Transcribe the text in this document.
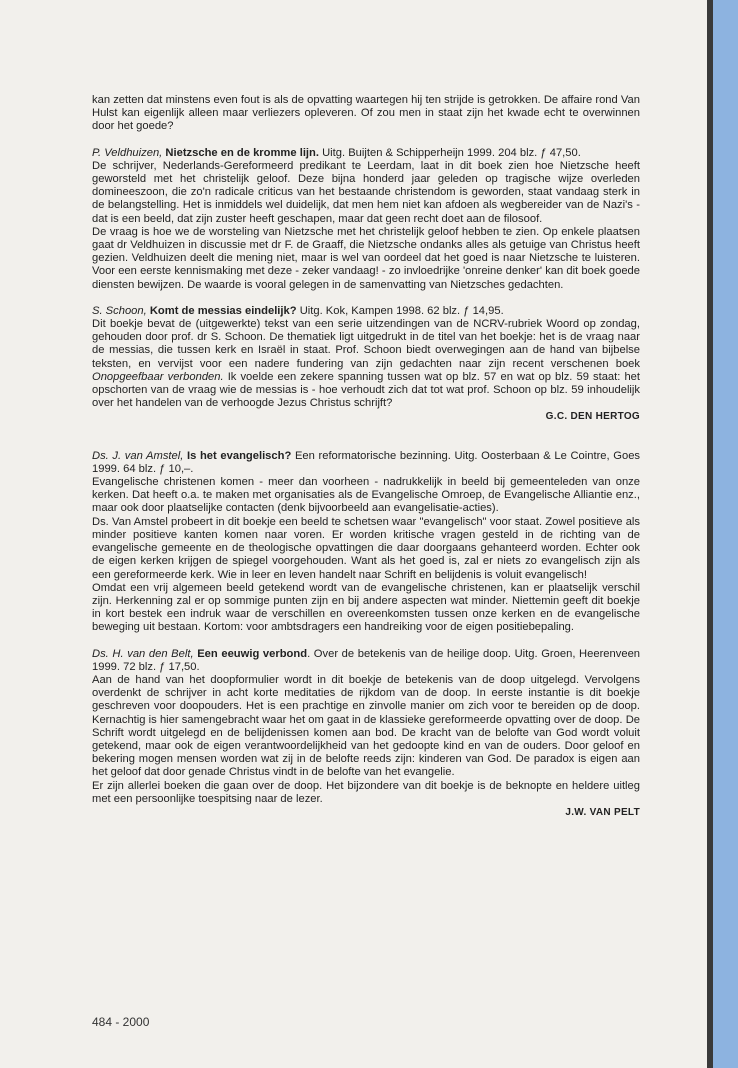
kan zetten dat minstens even fout is als de opvatting waartegen hij ten strijde is getrokken. De affaire rond Van Hulst kan eigenlijk alleen maar verliezers opleveren. Of zou men in staat zijn het kwade echt te overwinnen door het goede?

P. Veldhuizen, Nietzsche en de kromme lijn. Uitg. Buijten & Schipperheijn 1999. 204 blz. ƒ 47,50.

De schrijver, Nederlands-Gereformeerd predikant te Leerdam, laat in dit boek zien hoe Nietzsche heeft geworsteld met het christelijk geloof. Deze bijna honderd jaar geleden op tragische wijze overleden domineeszoon, die zo'n radicale criticus van het bestaande christendom is geworden, staat vandaag sterk in de belangstelling. Het is inmiddels wel duidelijk, dat men hem niet kan afdoen als wegbereider van de Nazi's - dat is een beeld, dat zijn zuster heeft geschapen, maar dat geen recht doet aan de filosoof.

De vraag is hoe we de worsteling van Nietzsche met het christelijk geloof hebben te zien. Op enkele plaatsen gaat dr Veldhuizen in discussie met dr F. de Graaff, die Nietzsche ondanks alles als getuige van Christus heeft gezien. Veldhuizen deelt die mening niet, maar is wel van oordeel dat het goed is naar Nietzsche te luisteren. Voor een eerste kennismaking met deze - zeker vandaag! - zo invloedrijke 'onreine denker' kan dit boek goede diensten bewijzen. De waarde is vooral gelegen in de samenvatting van Nietzsches gedachten.

S. Schoon, Komt de messias eindelijk? Uitg. Kok, Kampen 1998. 62 blz. ƒ 14,95.

Dit boekje bevat de (uitgewerkte) tekst van een serie uitzendingen van de NCRV-rubriek Woord op zondag, gehouden door prof. dr S. Schoon. De thematiek ligt uitgedrukt in de titel van het boekje: het is de vraag naar de messias, die tussen kerk en Israël in staat. Prof. Schoon biedt overwegingen aan de hand van bijbelse teksten, en vervijst voor een nadere fundering van zijn gedachten naar zijn recent verschenen boek Onopgeefbaar verbonden. Ik voelde een zekere spanning tussen wat op blz. 57 en wat op blz. 59 staat: het opschorten van de vraag wie de messias is - hoe verhoudt zich dat tot wat prof. Schoon op blz. 59 inhoudelijk over het handelen van de verhoogde Jezus Christus schrijft?

G.C. DEN HERTOG

Ds. J. van Amstel, Is het evangelisch? Een reformatorische bezinning. Uitg. Oosterbaan & Le Cointre, Goes 1999. 64 blz. ƒ 10,–.

Evangelische christenen komen - meer dan voorheen - nadrukkelijk in beeld bij gemeenteleden van onze kerken. Dat heeft o.a. te maken met organisaties als de Evangelische Omroep, de Evangelische Alliantie enz., maar ook door plaatselijke contacten (denk bijvoorbeeld aan evangelisatie-acties).

Ds. Van Amstel probeert in dit boekje een beeld te schetsen waar "evangelisch" voor staat. Zowel positieve als minder positieve kanten komen naar voren. Er worden kritische vragen gesteld in de richting van de evangelische gemeente en de theologische opvattingen die daar doorgaans gehanteerd worden. Echter ook de eigen kerken krijgen de spiegel voorgehouden. Want als het goed is, zal er niets zo evangelisch zijn als een gereformeerde kerk. Wie in leer en leven handelt naar Schrift en belijdenis is voluit evangelisch!

Omdat een vrij algemeen beeld getekend wordt van de evangelische christenen, kan er plaatselijk verschil zijn. Herkenning zal er op sommige punten zijn en bij andere aspecten wat minder. Niettemin geeft dit boekje in kort bestek een indruk waar de verschillen en overeenkomsten tussen onze kerken en de evangelische beweging uit bestaan. Kortom: voor ambtsdragers een handreiking voor de eigen positiebepaling.

Ds. H. van den Belt, Een eeuwig verbond. Over de betekenis van de heilige doop. Uitg. Groen, Heerenveen 1999. 72 blz. ƒ 17,50.

Aan de hand van het doopformulier wordt in dit boekje de betekenis van de doop uitgelegd. Vervolgens overdenkt de schrijver in acht korte meditaties de rijkdom van de doop. In eerste instantie is dit boekje geschreven voor doopouders. Het is een prachtige en zinvolle manier om zich voor te bereiden op de doop. Kernachtig is hier samengebracht waar het om gaat in de klassieke gereformeerde opvatting over de doop. De Schrift wordt uitgelegd en de belijdenissen komen aan bod. De kracht van de belofte van God wordt voluit getekend, maar ook de eigen verantwoordelijkheid van het gedoopte kind en van de ouders. Door geloof en bekering mogen mensen worden wat zij in de belofte reeds zijn: kinderen van God. De paradox is eigen aan het geloof dat door genade Christus vindt in de belofte van het evangelie.

Er zijn allerlei boeken die gaan over de doop. Het bijzondere van dit boekje is de beknopte en heldere uitleg met een persoonlijke toespitsing naar de lezer.

J.W. VAN PELT

484 - 2000
